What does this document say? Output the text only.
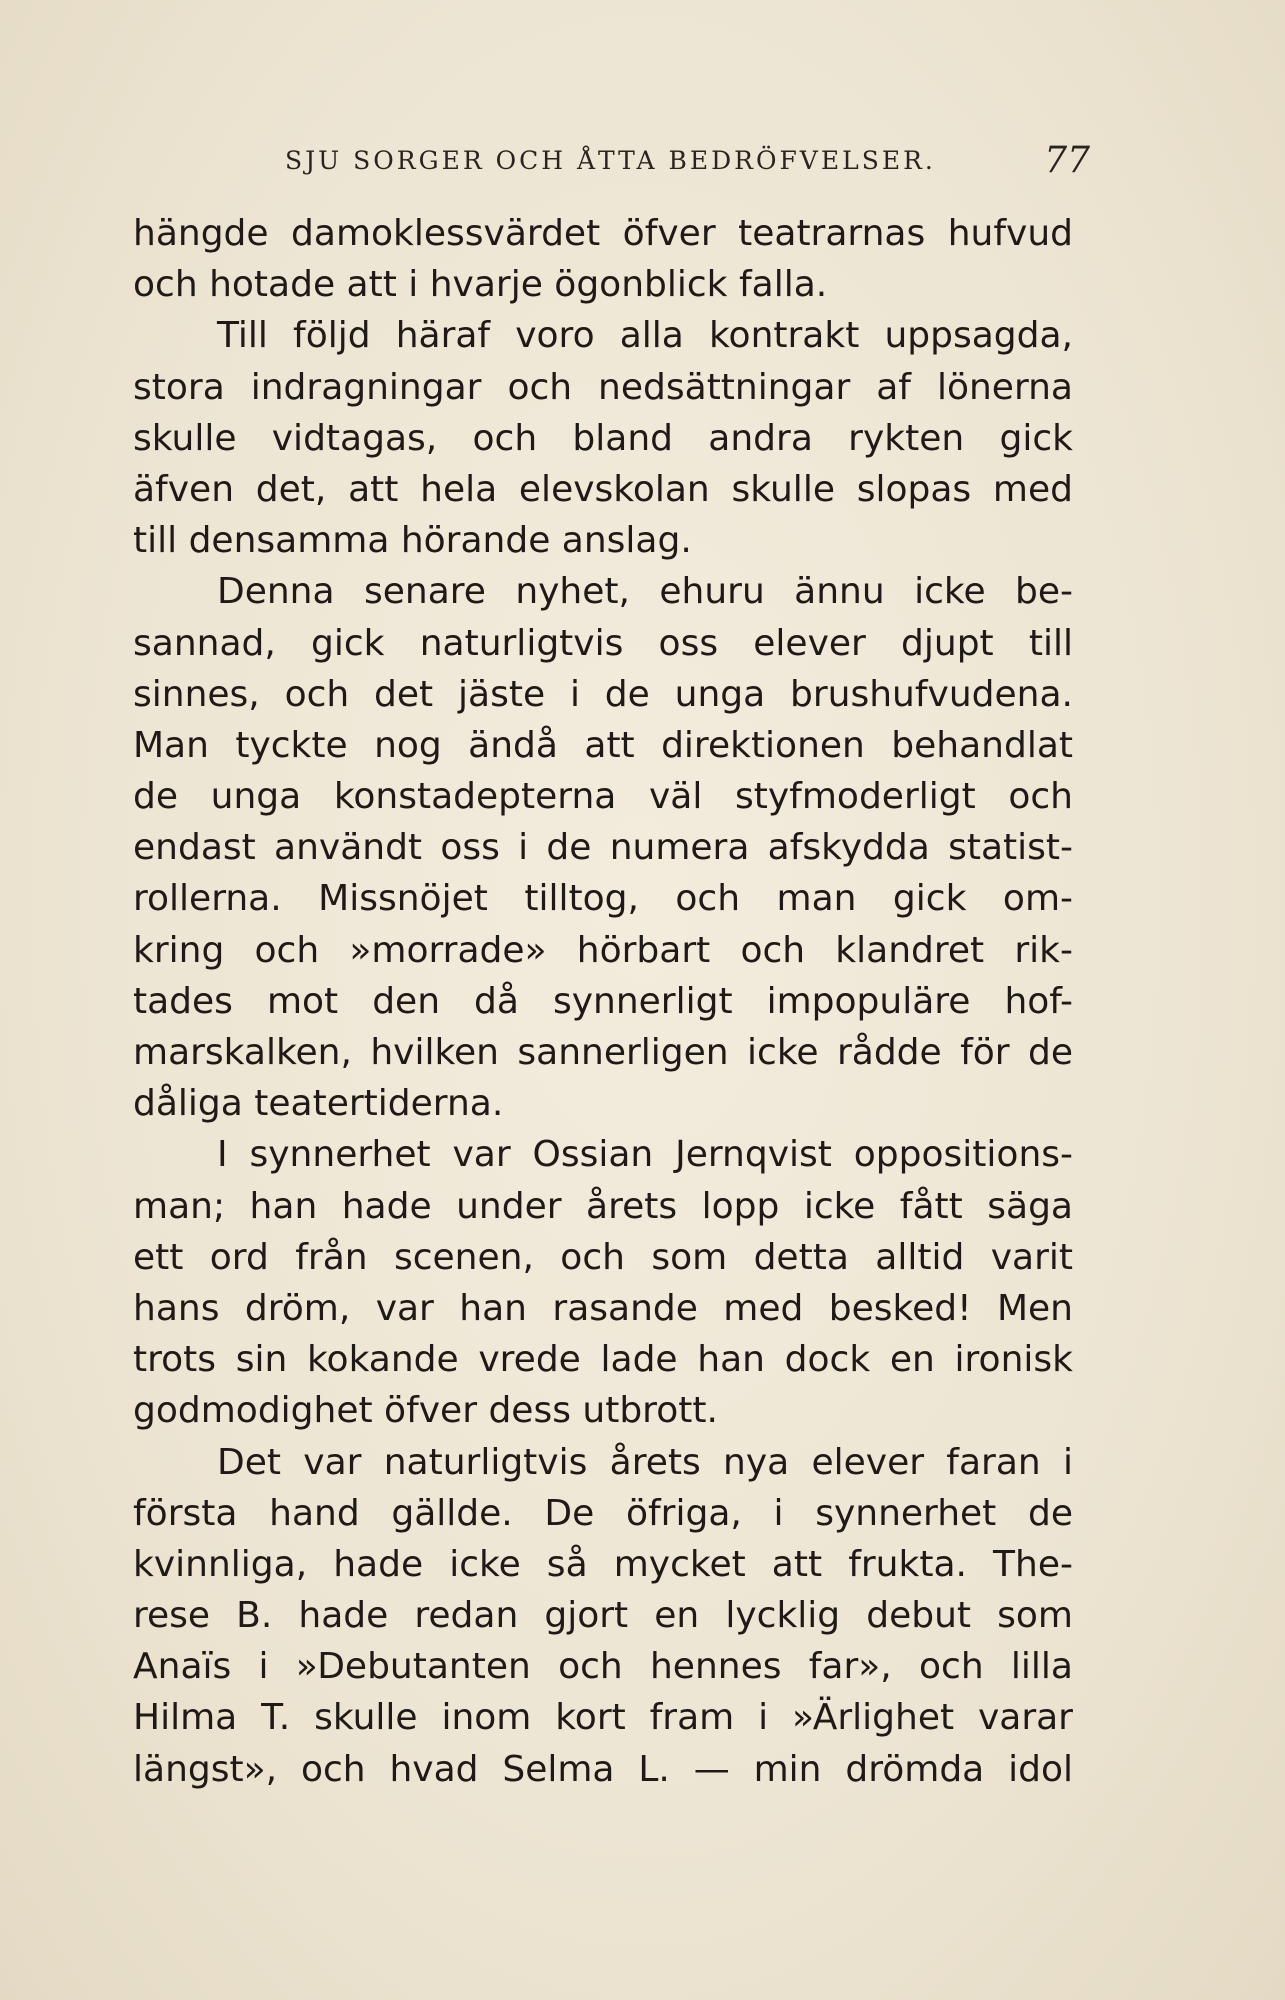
SJU SORGER OCH ÅTTA BEDRÖFVELSER.	77
hängde damoklessvärdet öfver teatrarnas hufvud
och hotade att i hvarje ögonblick falla.
Till följd häraf voro alla kontrakt uppsagda,
stora indragningar och nedsättningar af lönerna
skulle vidtagas, och bland andra rykten gick
äfven det, att hela elevskolan skulle slopas med
till densamma hörande anslag.
Denna senare nyhet, ehuru ännu icke be-
sannad, gick naturligtvis oss elever djupt till
sinnes, och det jäste i de unga brushufvudena.
Man tyckte nog ändå att direktionen behandlat
de unga konstadepterna väl styfmoderligt och
endast användt oss i de numera afskydda statist-
rollerna. Missnöjet tilltog, och man gick om-
kring och »morrade» hörbart och klandret rik-
tades mot den då synnerligt impopuläre hof-
marskalken, hvilken sannerligen icke rådde för de
dåliga teatertiderna.
I synnerhet var Ossian Jernqvist oppositions-
man; han hade under årets lopp icke fått säga
ett ord från scenen, och som detta alltid varit
hans dröm, var han rasande med besked! Men
trots sin kokande vrede lade han dock en ironisk
godmodighet öfver dess utbrott.
Det var naturligtvis årets nya elever faran i
första hand gällde. De öfriga, i synnerhet de
kvinnliga, hade icke så mycket att frukta. The-
rese B. hade redan gjort en lycklig debut som
Anaïs i »Debutanten och hennes far», och lilla
Hilma T. skulle inom kort fram i »Ärlighet varar
längst», och hvad Selma L. — min drömda idol
